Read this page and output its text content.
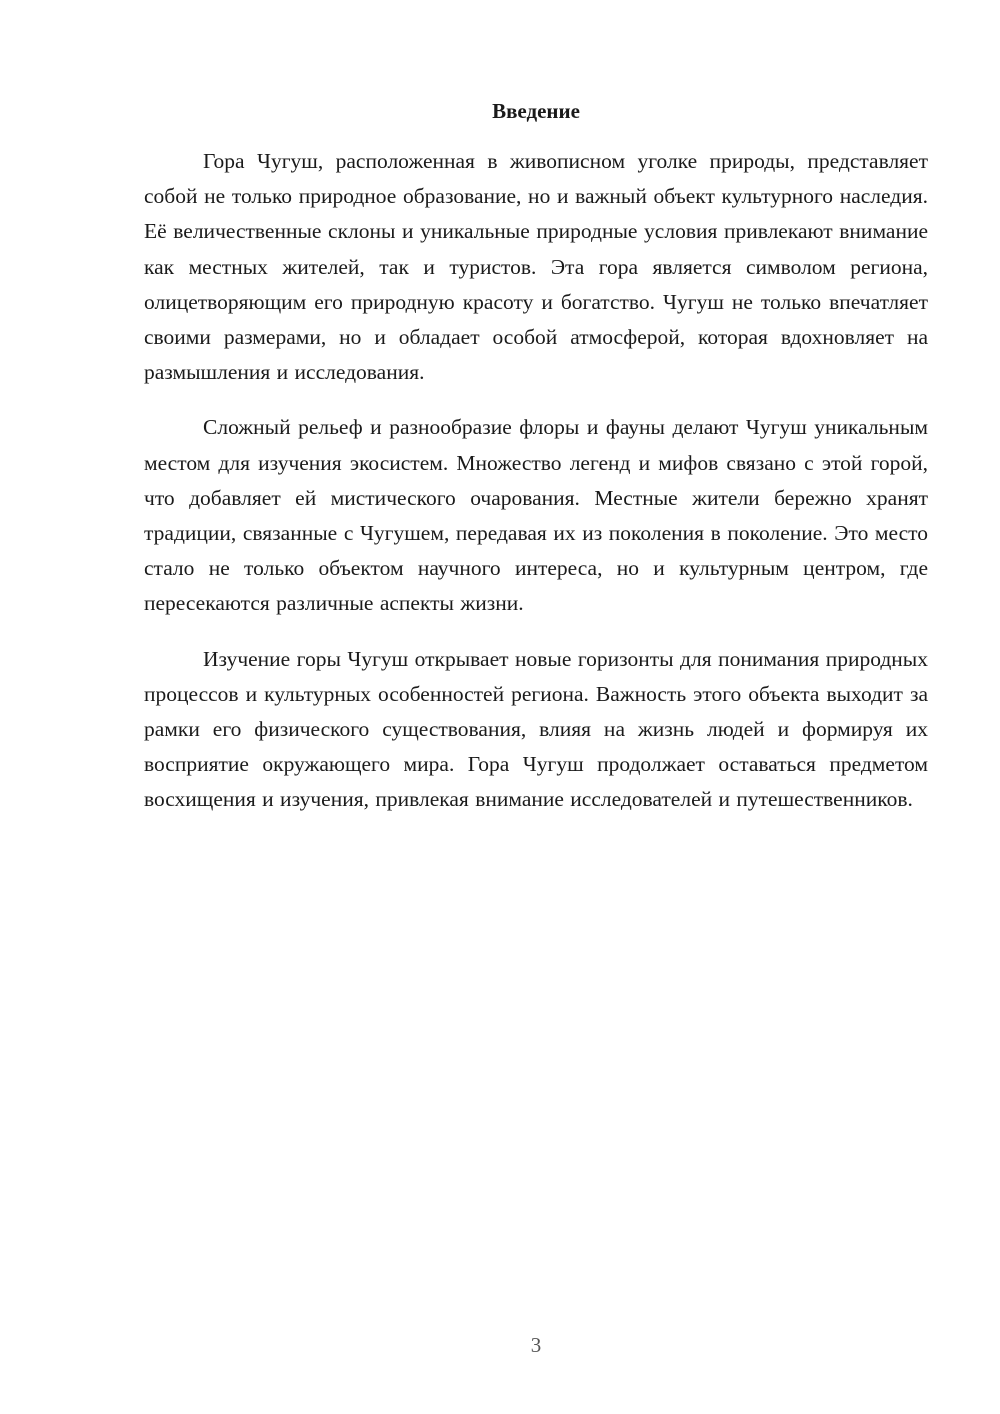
Введение

Гора Чугуш, расположенная в живописном уголке природы, представляет собой не только природное образование, но и важный объект культурного наследия. Её величественные склоны и уникальные природные условия привлекают внимание как местных жителей, так и туристов. Эта гора является символом региона, олицетворяющим его природную красоту и богатство. Чугуш не только впечатляет своими размерами, но и обладает особой атмосферой, которая вдохновляет на размышления и исследования.

Сложный рельеф и разнообразие флоры и фауны делают Чугуш уникальным местом для изучения экосистем. Множество легенд и мифов связано с этой горой, что добавляет ей мистического очарования. Местные жители бережно хранят традиции, связанные с Чугушем, передавая их из поколения в поколение. Это место стало не только объектом научного интереса, но и культурным центром, где пересекаются различные аспекты жизни.

Изучение горы Чугуш открывает новые горизонты для понимания природных процессов и культурных особенностей региона. Важность этого объекта выходит за рамки его физического существования, влияя на жизнь людей и формируя их восприятие окружающего мира. Гора Чугуш продолжает оставаться предметом восхищения и изучения, привлекая внимание исследователей и путешественников.

3
